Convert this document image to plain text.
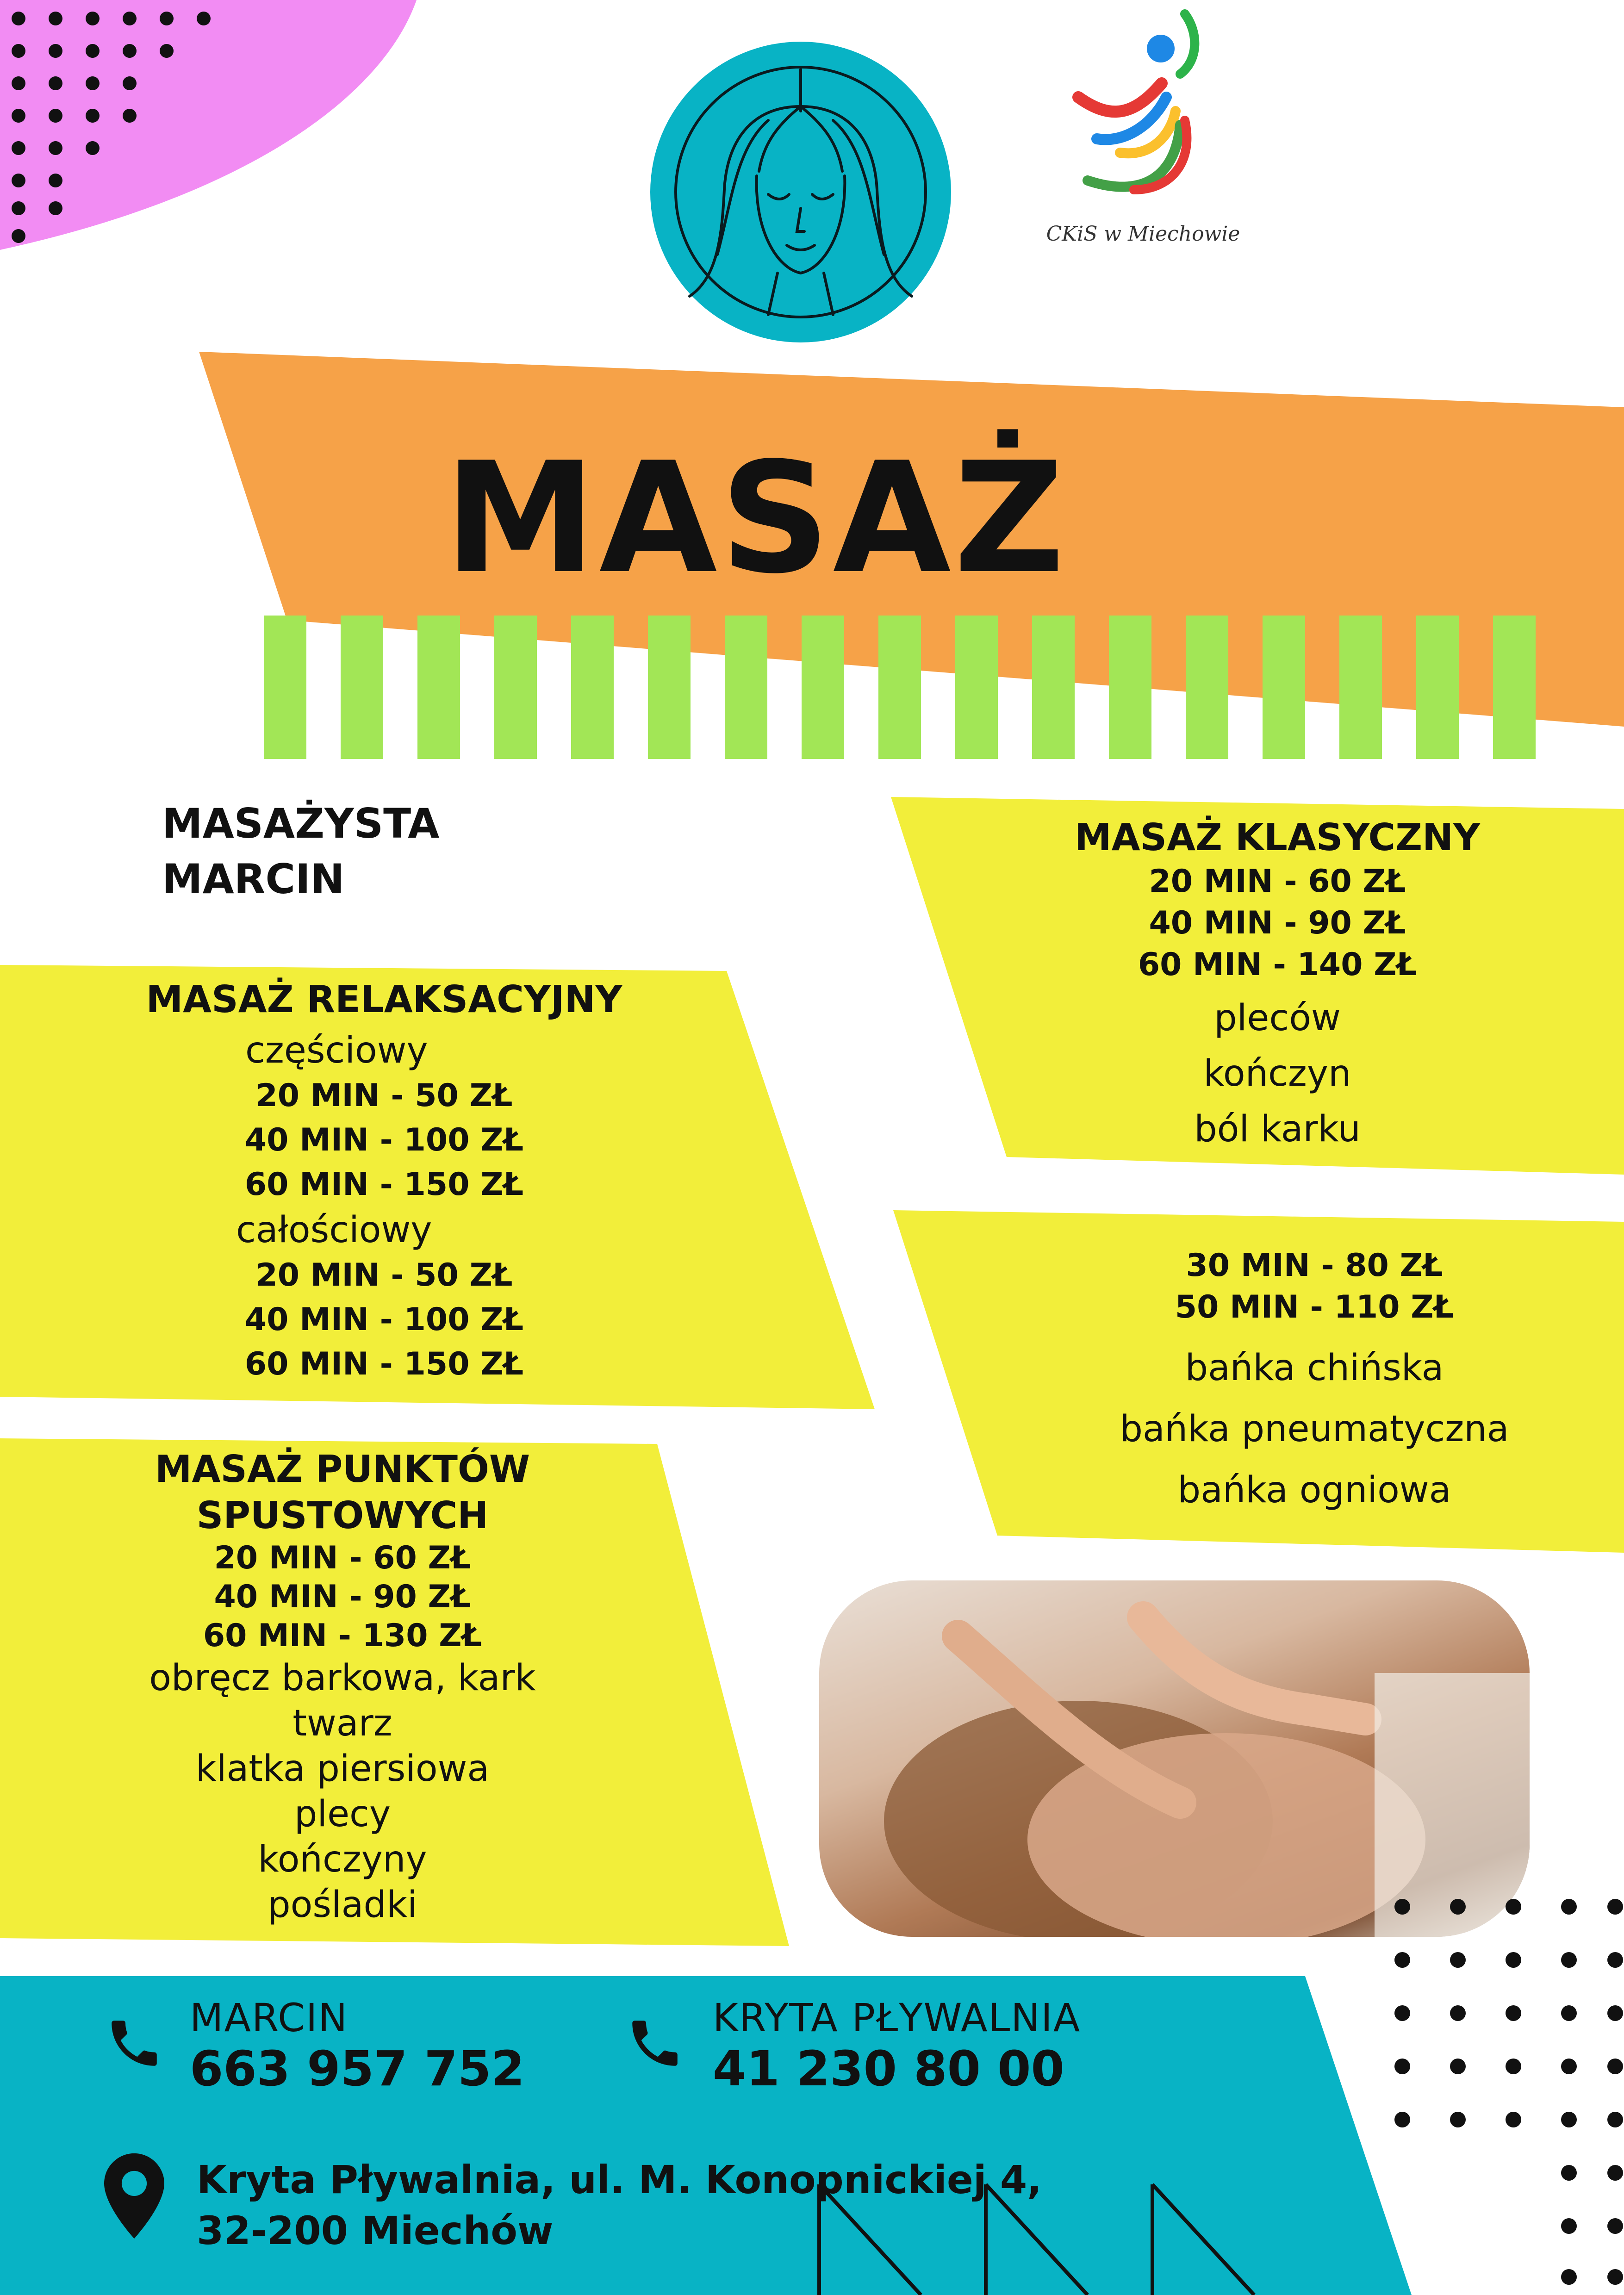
CKiS w Miechowie
MASAŻ
MASAŻYSTA
MARCIN
MASAŻ RELAKSACYJNY
częściowy
20 MIN - 50 ZŁ
40 MIN - 100 ZŁ
60 MIN - 150 ZŁ
całościowy
20 MIN - 50 ZŁ
40 MIN - 100 ZŁ
60 MIN - 150 ZŁ
MASAŻ PUNKTÓW
SPUSTOWYCH
20 MIN - 60 ZŁ
40 MIN - 90 ZŁ
60 MIN - 130 ZŁ
obręcz barkowa, kark
twarz
klatka piersiowa
plecy
kończyny
pośladki
MASAŻ KLASYCZNY
20 MIN - 60 ZŁ
40 MIN - 90 ZŁ
60 MIN - 140 ZŁ
pleców
kończyn
ból karku
30 MIN - 80 ZŁ
50 MIN - 110 ZŁ
bańka chińska
bańka pneumatyczna
bańka ogniowa
MARCIN
663 957 752
KRYTA PŁYWALNIA
41 230 80 00
Kryta Pływalnia, ul. M. Konopnickiej 4,
32-200 Miechów
